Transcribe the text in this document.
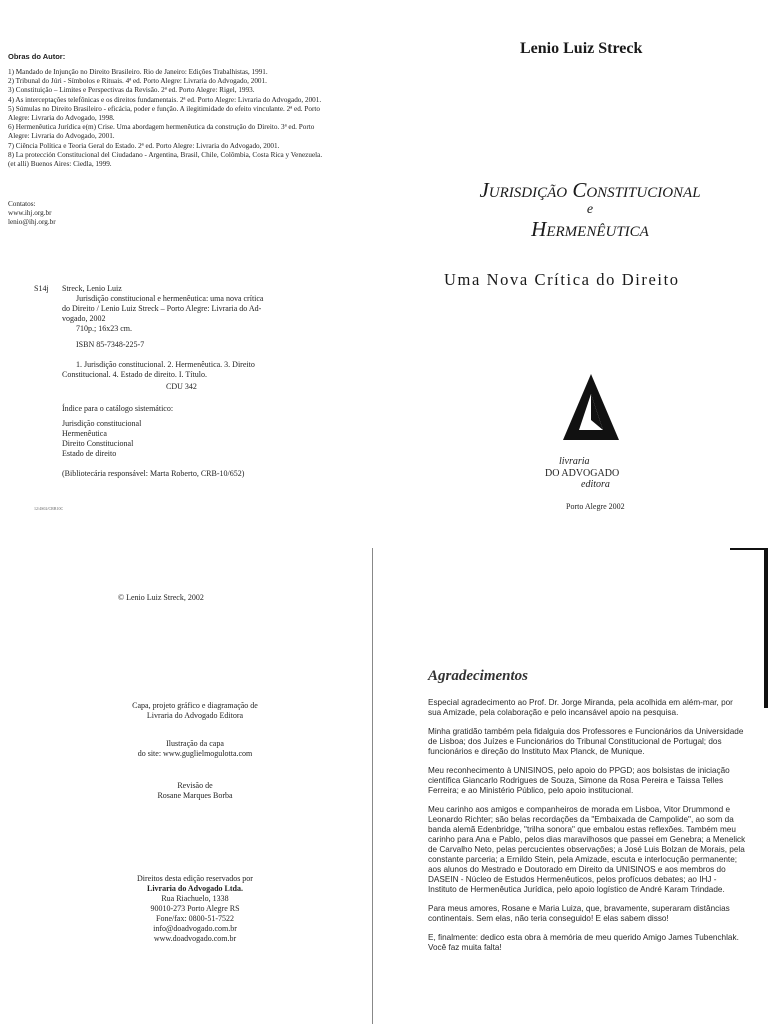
Obras do Autor:
1) Mandado de Injunção no Direito Brasileiro. Rio de Janeiro: Edições Trabalhistas, 1991.
2) Tribunal do Júri - Símbolos e Rituais. 4ª ed. Porto Alegre: Livraria do Advogado, 2001.
3) Constituição – Limites e Perspectivas da Revisão. 2ª ed. Porto Alegre: Rigel, 1993.
4) As interceptações telefônicas e os direitos fundamentais. 2ª ed. Porto Alegre: Livraria do Advogado, 2001.
5) Súmulas no Direito Brasileiro - eficácia, poder e função. A ilegitimidade do efeito vinculante. 2ª ed. Porto Alegre: Livraria do Advogado, 1998.
6) Hermenêutica Jurídica e(m) Crise. Uma abordagem hermenêutica da construção do Direito. 3ª ed. Porto Alegre: Livraria do Advogado, 2001.
7) Ciência Política e Teoria Geral do Estado. 2ª ed. Porto Alegre: Livraria do Advogado, 2001.
8) La protección Constitucional del Ciudadano - Argentina, Brasil, Chile, Colômbia, Costa Rica y Venezuela. (et alli) Buenos Aires: Ciedla, 1999.
Contatos:
www.ihj.org.br
lenio@ihj.org.br
S14j Streck, Lenio Luiz
Jurisdição constitucional e hermenêutica: uma nova crítica
do Direito / Lenio Luiz Streck – Porto Alegre: Livraria do Ad-
vogado, 2002
710p.; 16x23 cm.
ISBN 85-7348-225-7
1. Jurisdição constitucional. 2. Hermenêutica. 3. Direito
Constitucional. 4. Estado de direito. I. Título.
CDU 342
Índice para o catálogo sistemático:
Jurisdição constitucional
Hermenêutica
Direito Constitucional
Estado de direito
(Bibliotecária responsável: Marta Roberto, CRB-10/652)
12/4S02/CRB10C
Lenio Luiz Streck
Jurisdição Constitucional
e
Hermenêutica
Uma Nova Crítica do Direito
livraria
DO ADVOGADO
editora
Porto Alegre 2002
© Lenio Luiz Streck, 2002
Capa, projeto gráfico e diagramação de
Livraria do Advogado Editora
Ilustração da capa
do site: www.guglielmogulotta.com
Revisão de
Rosane Marques Borba
Direitos desta edição reservados por
Livraria do Advogado Ltda.
Rua Riachuelo, 1338
90010-273 Porto Alegre RS
Fone/fax: 0800-51-7522
info@doadvogado.com.br
www.doadvogado.com.br
Agradecimentos

Especial agradecimento ao Prof. Dr. Jorge Miranda, pela acolhida em além-mar, por sua Amizade, pela colaboração e pelo incansável apoio na pesquisa.

Minha gratidão também pela fidalguia dos Professores e Funcionários da Universidade de Lisboa; dos Juízes e Funcionários do Tribunal Constitucional de Portugal; dos funcionários e direção do Instituto Max Planck, de Munique.

Meu reconhecimento à UNISINOS, pelo apoio do PPGD; aos bolsistas de iniciação científica Giancarlo Rodrigues de Souza, Simone da Rosa Pereira e Taissa Telles Ferreira; e ao Ministério Público, pelo apoio institucional.

Meu carinho aos amigos e companheiros de morada em Lisboa, Vitor Drummond e Leonardo Richter; são belas recordações da "Embaixada de Campolide", ao som da banda alemã Edenbridge, "trilha sonora" que embalou estas reflexões. Também meu carinho para Ana e Pablo, pelos dias maravilhosos que passei em Genebra; a Menelick de Carvalho Neto, pelas percucientes observações; a José Luis Bolzan de Morais, pela constante parceria; a Ernildo Stein, pela Amizade, escuta e interlocução permanente; aos alunos do Mestrado e Doutorado em Direito da UNISINOS e aos membros do DASEIN - Núcleo de Estudos Hermenêuticos, pelos profícuos debates; ao IHJ - Instituto de Hermenêutica Jurídica, pelo apoio logístico de André Karam Trindade.

Para meus amores, Rosane e Maria Luiza, que, bravamente, superaram distâncias continentais. Sem elas, não teria conseguido! E elas sabem disso!

E, finalmente: dedico esta obra à memória de meu querido Amigo James Tubenchlak. Você faz muita falta!
